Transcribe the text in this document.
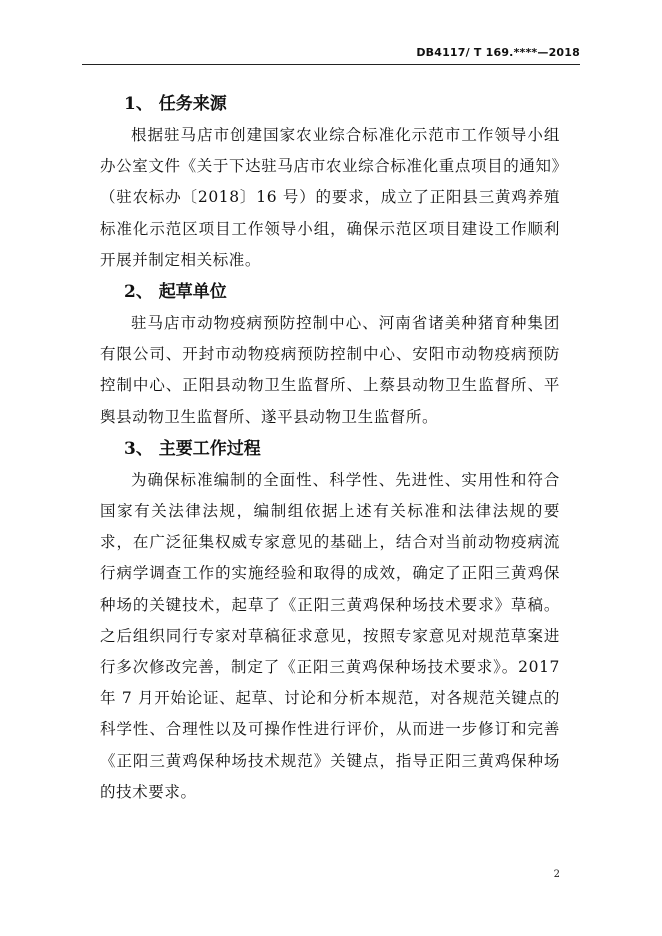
DB4117/ T 169.****—2018

1、 任务来源

根据驻马店市创建国家农业综合标准化示范市工作领导小组办公室文件《关于下达驻马店市农业综合标准化重点项目的通知》（驻农标办〔2018〕16 号）的要求，成立了正阳县三黄鸡养殖标准化示范区项目工作领导小组，确保示范区项目建设工作顺利开展并制定相关标准。

2、 起草单位

驻马店市动物疫病预防控制中心、河南省诸美种猪育种集团有限公司、开封市动物疫病预防控制中心、安阳市动物疫病预防控制中心、正阳县动物卫生监督所、上蔡县动物卫生监督所、平舆县动物卫生监督所、遂平县动物卫生监督所。

3、 主要工作过程

为确保标准编制的全面性、科学性、先进性、实用性和符合国家有关法律法规，编制组依据上述有关标准和法律法规的要求，在广泛征集权威专家意见的基础上，结合对当前动物疫病流行病学调查工作的实施经验和取得的成效，确定了正阳三黄鸡保种场的关键技术，起草了《正阳三黄鸡保种场技术要求》草稿。之后组织同行专家对草稿征求意见，按照专家意见对规范草案进行多次修改完善，制定了《正阳三黄鸡保种场技术要求》。2017 年 7 月开始论证、起草、讨论和分析本规范，对各规范关键点的科学性、合理性以及可操作性进行评价，从而进一步修订和完善《正阳三黄鸡保种场技术规范》关键点，指导正阳三黄鸡保种场的技术要求。

2
